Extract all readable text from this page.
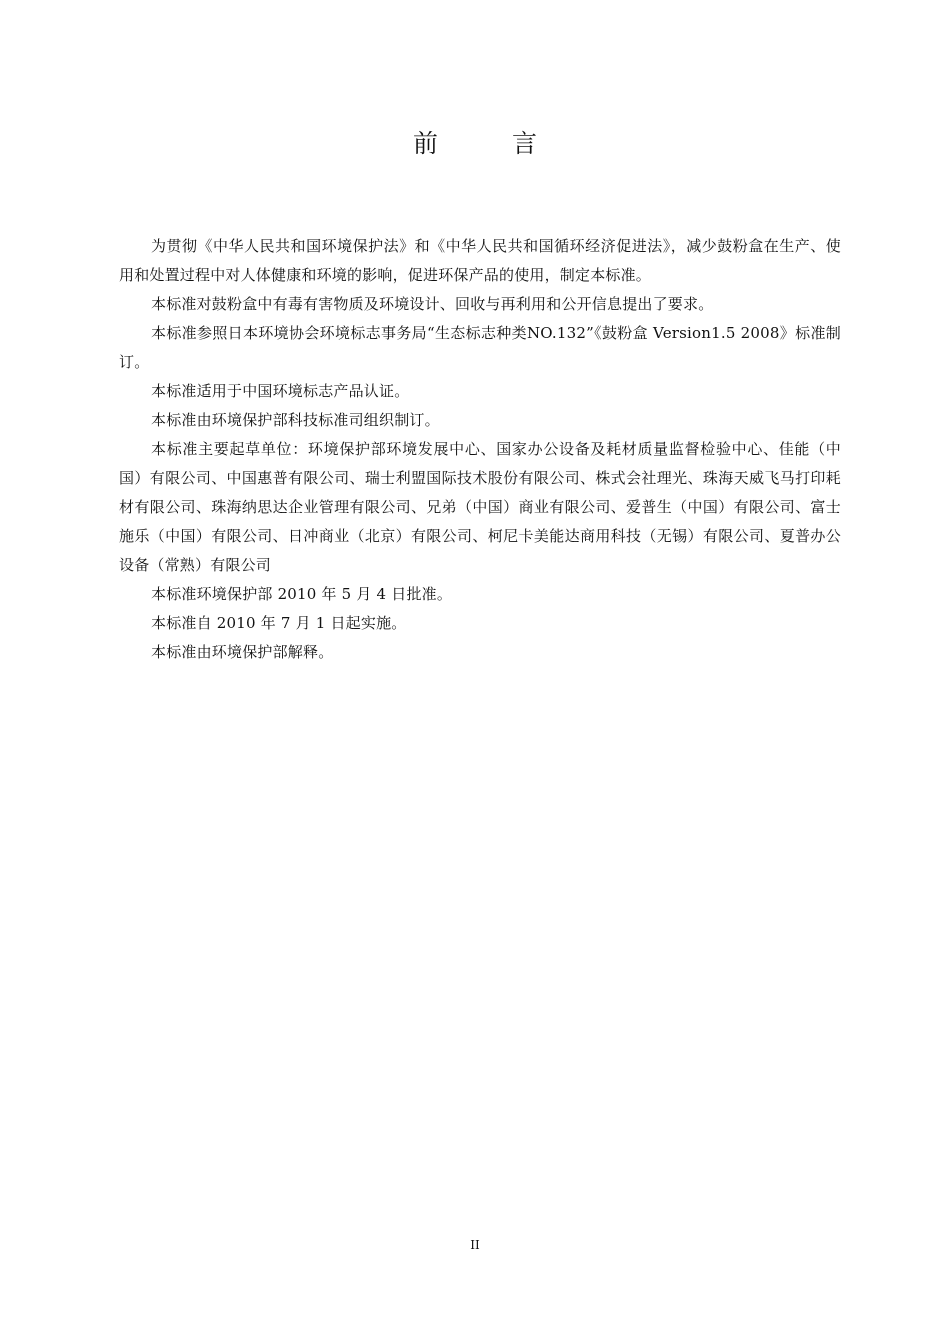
前	言

为贯彻《中华人民共和国环境保护法》和《中华人民共和国循环经济促进法》，减少鼓粉盒在生产、使用和处置过程中对人体健康和环境的影响，促进环保产品的使用，制定本标准。

本标准对鼓粉盒中有毒有害物质及环境设计、回收与再利用和公开信息提出了要求。

本标准参照日本环境协会环境标志事务局“生态标志种类NO.132”《鼓粉盒 Version1.5 2008》标准制订。

本标准适用于中国环境标志产品认证。

本标准由环境保护部科技标准司组织制订。

本标准主要起草单位：环境保护部环境发展中心、国家办公设备及耗材质量监督检验中心、佳能（中国）有限公司、中国惠普有限公司、瑞士利盟国际技术股份有限公司、株式会社理光、珠海天威飞马打印耗材有限公司、珠海纳思达企业管理有限公司、兄弟（中国）商业有限公司、爱普生（中国）有限公司、富士施乐（中国）有限公司、日冲商业（北京）有限公司、柯尼卡美能达商用科技（无锡）有限公司、夏普办公设备（常熟）有限公司

本标准环境保护部 2010 年 5 月 4 日批准。

本标准自 2010 年 7 月 1 日起实施。

本标准由环境保护部解释。

II
